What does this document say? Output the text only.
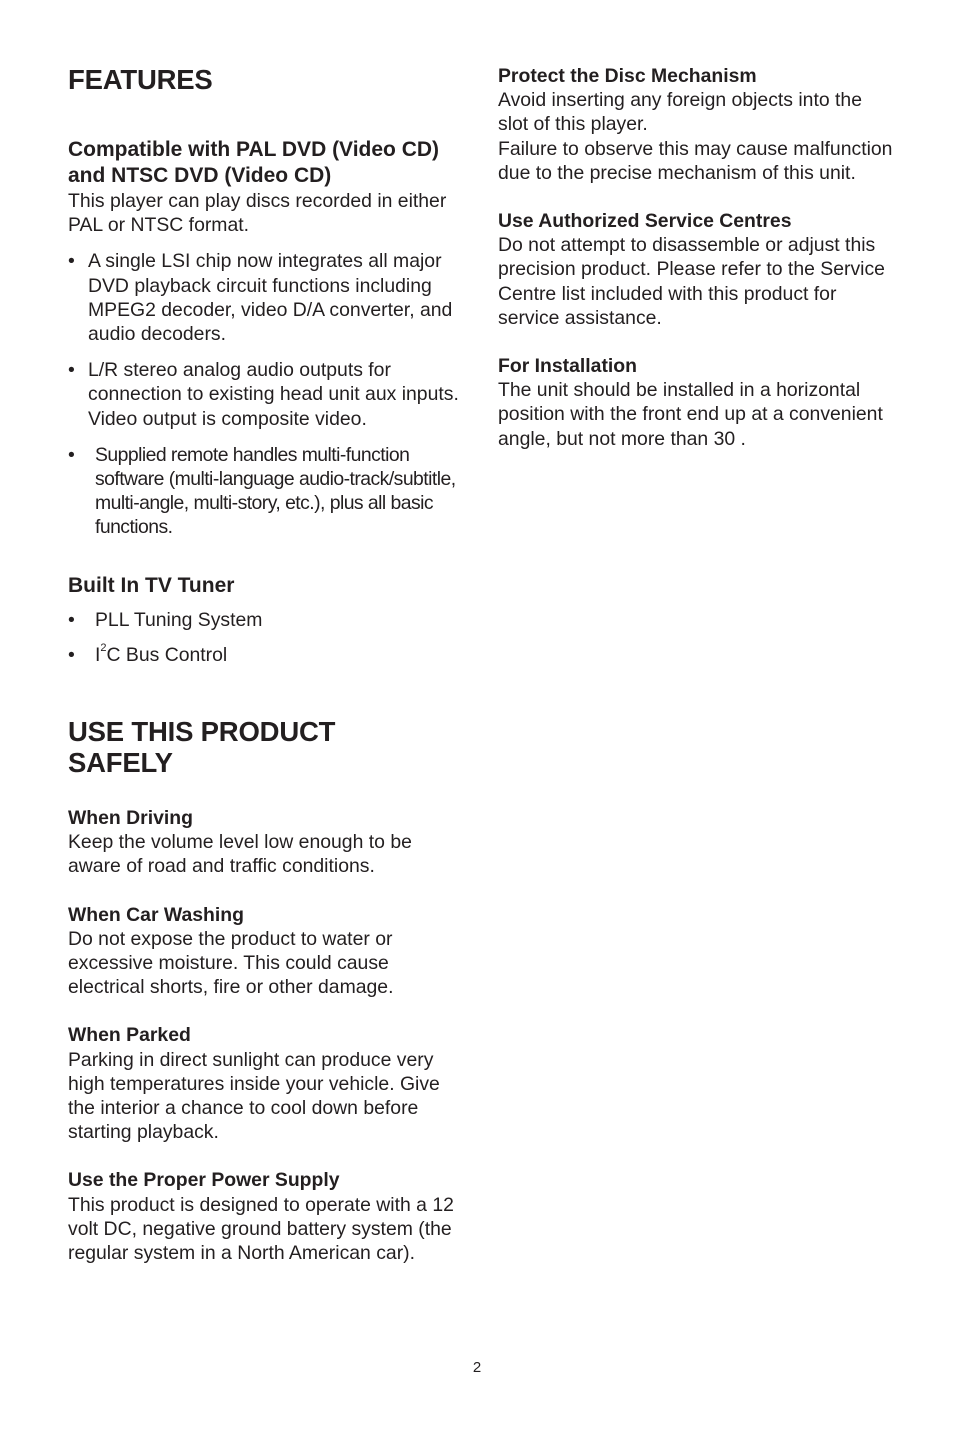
FEATURES
Compatible with PAL DVD (Video CD) and NTSC DVD (Video CD)

This player can play discs recorded in either PAL or NTSC format.

• A single LSI chip now integrates all major DVD playback circuit functions including MPEG2 decoder, video D/A converter, and audio decoders.
• L/R stereo analog audio outputs for connection to existing head unit aux inputs. Video output is composite video.
• Supplied remote handles multi-function software (multi-language audio-track/subtitle, multi-angle, multi-story, etc.), plus all basic functions.
Built In TV Tuner
• PLL Tuning System
• $I^2C$ Bus Control
USE THIS PRODUCT
SAFELY

When Driving

Keep the volume level low enough to be aware of road and traffic conditions.

When Car Washing

Do not expose the product to water or excessive moisture. This could cause electrical shorts, fire or other damage.

When Parked

Parking in direct sunlight can produce very high temperatures inside your vehicle. Give the interior a chance to cool down before starting playback.

Use the Proper Power Supply

This product is designed to operate with a 12 volt DC, negative ground battery system (the regular system in a North American car).

Protect the Disc Mechanism

Avoid inserting any foreign objects into the slot of this player.

Failure to observe this may cause malfunction due to the precise mechanism of this unit.

Use Authorized Service Centres

Do not attempt to disassemble or adjust this precision product. Please refer to the Service Centre list included with this product for service assistance.

For Installation

The unit should be installed in a horizontal position with the front end up at a convenient angle, but not more than 30 .

2
